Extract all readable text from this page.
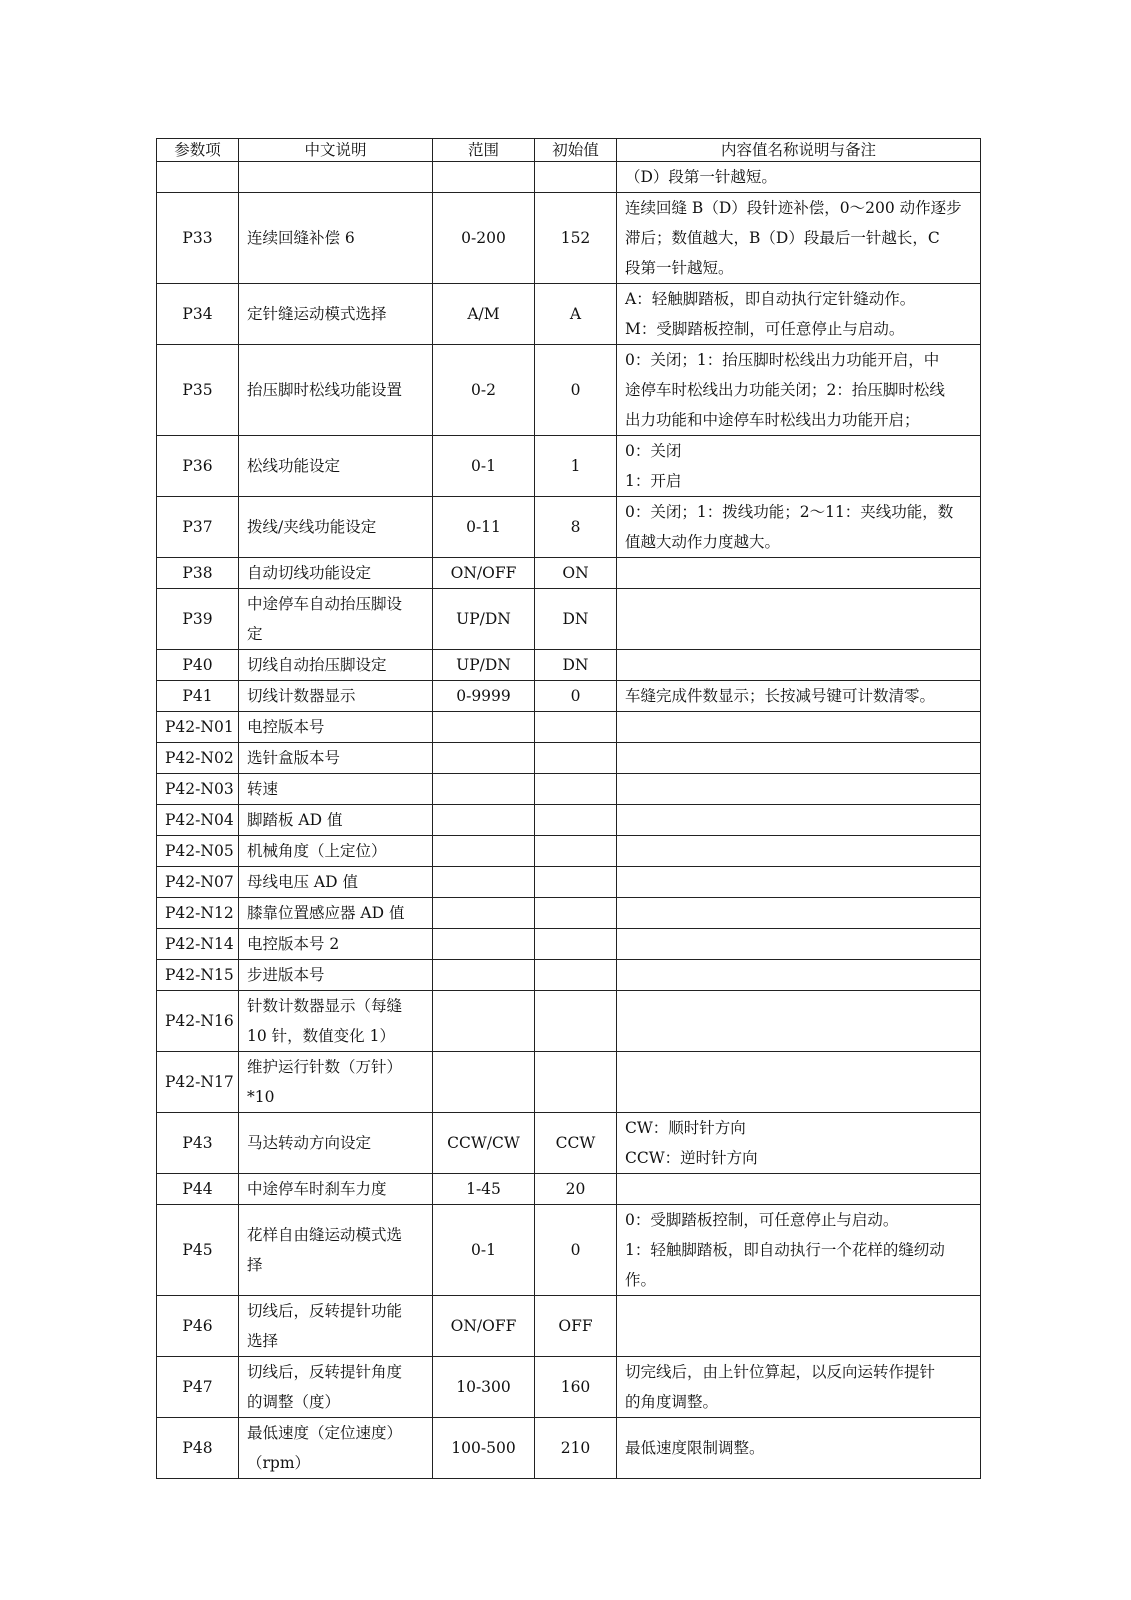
参数项	中文说明	范围	初始值	内容值名称说明与备注

				（D）段第一针越短。

P33	连续回缝补偿 6	0-200	152	连续回缝 B（D）段针迹补偿，0～200 动作逐步
滞后；数值越大，B（D）段最后一针越长，C
段第一针越短。

P34	定针缝运动模式选择	A/M	A	A：轻触脚踏板，即自动执行定针缝动作。
M：受脚踏板控制，可任意停止与启动。

P35	抬压脚时松线功能设置	0-2	0	0：关闭；1：抬压脚时松线出力功能开启，中
途停车时松线出力功能关闭；2：抬压脚时松线
出力功能和中途停车时松线出力功能开启；

P36	松线功能设定	0-1	1	0：关闭
1：开启

P37	拨线/夹线功能设定	0-11	8	0：关闭；1：拨线功能；2～11：夹线功能，数
值越大动作力度越大。

P38	自动切线功能设定	ON/OFF	ON	
P39	中途停车自动抬压脚设
定	UP/DN	DN	
P40	切线自动抬压脚设定	UP/DN	DN	
P41	切线计数器显示	0-9999	0	车缝完成件数显示；长按减号键可计数清零。

P42-N01	电控版本号			

P42-N02	选针盒版本号			

P42-N03	转速			

P42-N04	脚踏板 AD 值			

P42-N05	机械角度（上定位）			

P42-N07	母线电压 AD 值			

P42-N12	膝靠位置感应器 AD 值			

P42-N14	电控版本号 2			

P42-N15	步进版本号			

P42-N16	针数计数器显示（每缝
10 针，数值变化 1）			

P42-N17	维护运行针数（万针）
*10			

P43	马达转动方向设定	CCW/CW	CCW	CW：顺时针方向
CCW：逆时针方向

P44	中途停车时刹车力度	1-45	20	
P45	花样自由缝运动模式选
择	0-1	0	0：受脚踏板控制，可任意停止与启动。
1：轻触脚踏板，即自动执行一个花样的缝纫动
作。

P46	切线后，反转提针功能
选择	ON/OFF	OFF	
P47	切线后，反转提针角度
的调整（度）	10-300	160	切完线后，由上针位算起，以反向运转作提针
的角度调整。

P48	最低速度（定位速度）
（rpm）	100-500	210	最低速度限制调整。
